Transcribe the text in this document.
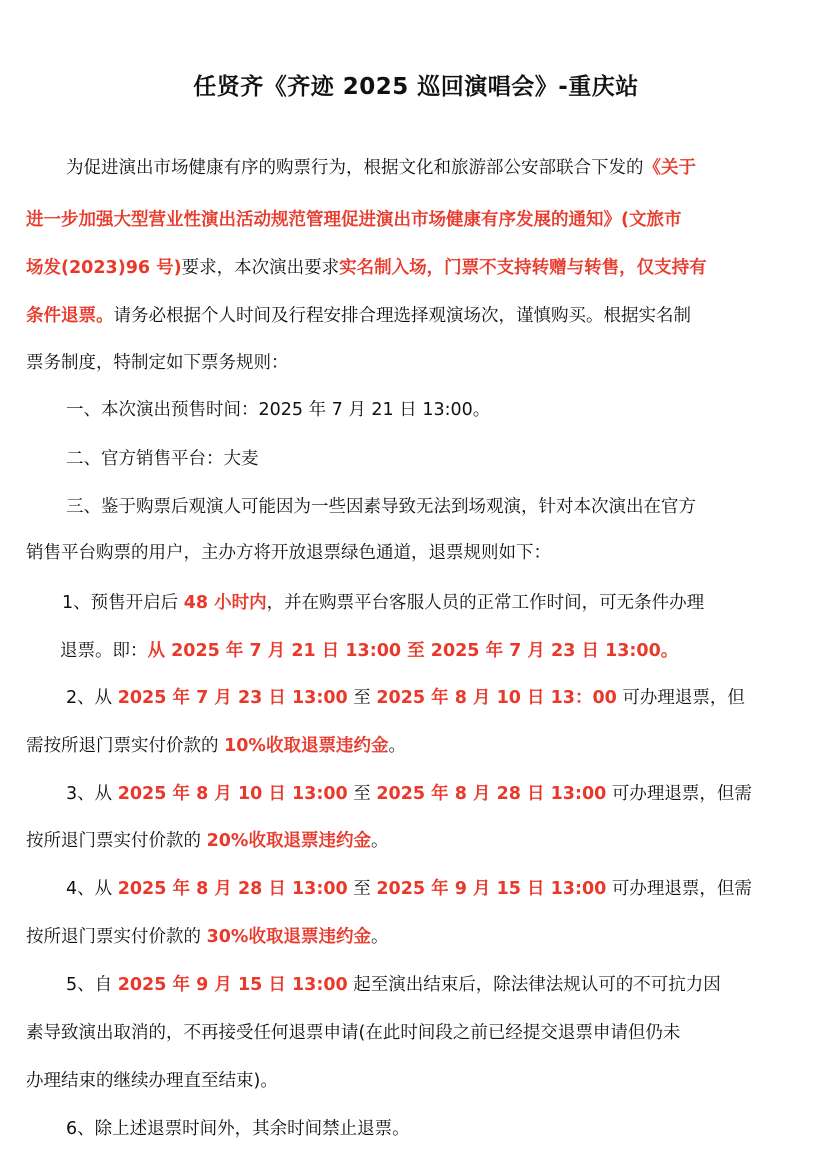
任贤齐《齐迹 2025 巡回演唱会》-重庆站
为促进演出市场健康有序的购票行为，根据文化和旅游部公安部联合下发的《关于
进一步加强大型营业性演出活动规范管理促进演出市场健康有序发展的通知》(文旅市
场发(2023)96 号)要求，本次演出要求实名制入场，门票不支持转赠与转售，仅支持有
条件退票。请务必根据个人时间及行程安排合理选择观演场次，谨慎购买。根据实名制
票务制度，特制定如下票务规则：
一、本次演出预售时间：2025 年 7 月 21 日 13:00。
二、官方销售平台：大麦
三、鉴于购票后观演人可能因为一些因素导致无法到场观演，针对本次演出在官方
销售平台购票的用户，主办方将开放退票绿色通道，退票规则如下：
1、预售开启后 48 小时内，并在购票平台客服人员的正常工作时间，可无条件办理
退票。即：从 2025 年 7 月 21 日 13:00 至 2025 年 7 月 23 日 13:00。
2、从 2025 年 7 月 23 日 13:00 至 2025 年 8 月 10 日 13：00 可办理退票，但
需按所退门票实付价款的 10%收取退票违约金。
3、从 2025 年 8 月 10 日 13:00 至 2025 年 8 月 28 日 13:00 可办理退票，但需
按所退门票实付价款的 20%收取退票违约金。
4、从 2025 年 8 月 28 日 13:00 至 2025 年 9 月 15 日 13:00 可办理退票，但需
按所退门票实付价款的 30%收取退票违约金。
5、自 2025 年 9 月 15 日 13:00 起至演出结束后，除法律法规认可的不可抗力因
素导致演出取消的，不再接受任何退票申请(在此时间段之前已经提交退票申请但仍未
办理结束的继续办理直至结束)。
6、除上述退票时间外，其余时间禁止退票。
